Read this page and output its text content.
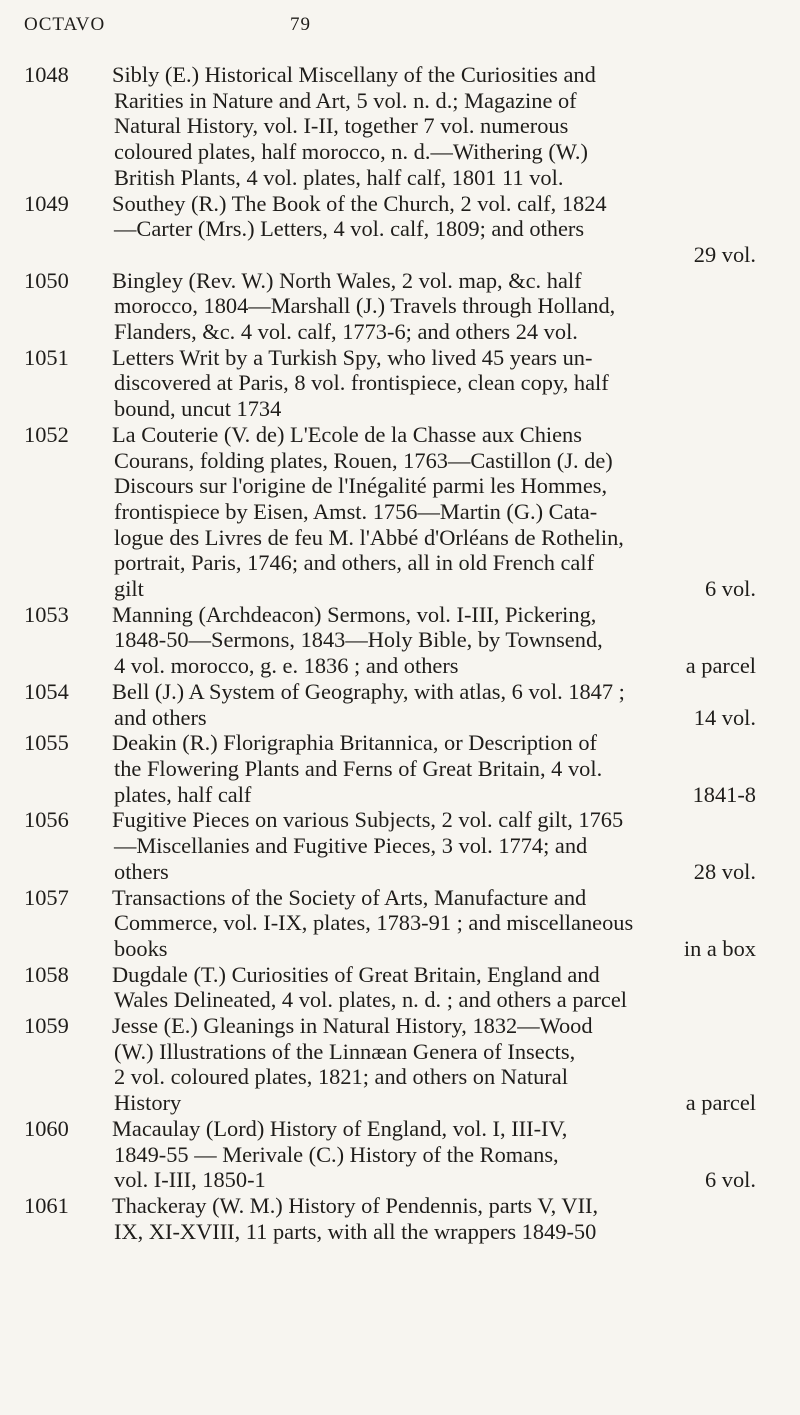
OCTAVO	79
1048 Sibly (E.) Historical Miscellany of the Curiosities and
Rarities in Nature and Art, 5 vol. n. d.; Magazine of
Natural History, vol. I-II, together 7 vol. numerous
coloured plates, half morocco, n. d.—Withering (W.)
British Plants, 4 vol. plates, half calf, 1801 11 vol.
1049 Southey (R.) The Book of the Church, 2 vol. calf, 1824
—Carter (Mrs.) Letters, 4 vol. calf, 1809; and others
29 vol.
1050 Bingley (Rev. W.) North Wales, 2 vol. map, &c. half
morocco, 1804—Marshall (J.) Travels through Holland,
Flanders, &c. 4 vol. calf, 1773-6; and others 24 vol.
1051 Letters Writ by a Turkish Spy, who lived 45 years un-
discovered at Paris, 8 vol. frontispiece, clean copy, half
bound, uncut 1734
1052 La Couterie (V. de) L'Ecole de la Chasse aux Chiens
Courans, folding plates, Rouen, 1763—Castillon (J. de)
Discours sur l'origine de l'Inégalité parmi les Hommes,
frontispiece by Eisen, Amst. 1756—Martin (G.) Cata-
logue des Livres de feu M. l'Abbé d'Orléans de Rothelin,
portrait, Paris, 1746; and others, all in old French calf
gilt	6 vol.
1053 Manning (Archdeacon) Sermons, vol. I-III, Pickering,
1848-50—Sermons, 1843—Holy Bible, by Townsend,
4 vol. morocco, g. e. 1836 ; and others	a parcel
1054 Bell (J.) A System of Geography, with atlas, 6 vol. 1847 ;
and others	14 vol.
1055 Deakin (R.) Florigraphia Britannica, or Description of
the Flowering Plants and Ferns of Great Britain, 4 vol.
plates, half calf	1841-8
1056 Fugitive Pieces on various Subjects, 2 vol. calf gilt, 1765
—Miscellanies and Fugitive Pieces, 3 vol. 1774; and
others	28 vol.
1057 Transactions of the Society of Arts, Manufacture and
Commerce, vol. I-IX, plates, 1783-91 ; and miscellaneous
books	in a box
1058 Dugdale (T.) Curiosities of Great Britain, England and
Wales Delineated, 4 vol. plates, n. d. ; and others a parcel
1059 Jesse (E.) Gleanings in Natural History, 1832—Wood
(W.) Illustrations of the Linnæan Genera of Insects,
2 vol. coloured plates, 1821; and others on Natural
History	a parcel
1060 Macaulay (Lord) History of England, vol. I, III-IV,
1849-55 — Merivale (C.) History of the Romans,
vol. I-III, 1850-1	6 vol.
1061 Thackeray (W. M.) History of Pendennis, parts V, VII,
IX, XI-XVIII, 11 parts, with all the wrappers 1849-50
